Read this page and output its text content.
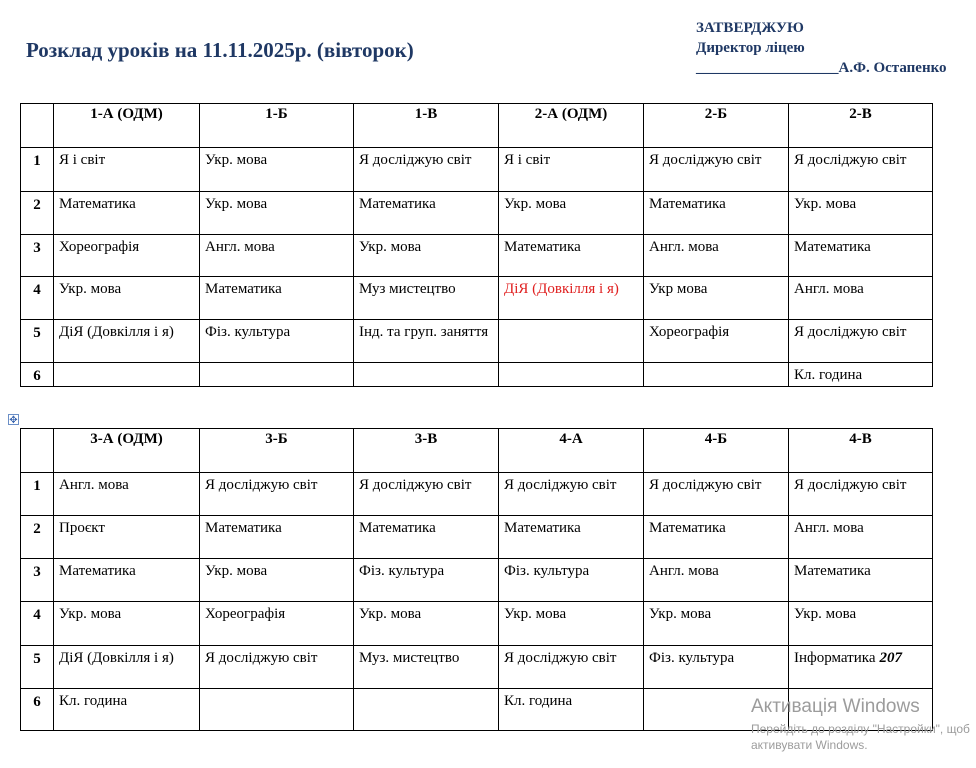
Розклад уроків на 11.11.2025р. (вівторок)
ЗАТВЕРДЖУЮ
Директор ліцею
___________________А.Ф. Остапенко
	1-А (ОДМ)	1-Б	1-В	2-А (ОДМ)	2-Б	2-В
1	Я і світ	Укр. мова	Я досліджую світ	Я і світ	Я досліджую світ	Я досліджую світ
2	Математика	Укр. мова	Математика	Укр. мова	Математика	Укр. мова
3	Хореографія	Англ. мова	Укр. мова	Математика	Англ. мова	Математика
4	Укр. мова	Математика	Муз мистецтво	ДіЯ (Довкілля і я)	Укр мова	Англ. мова
5	ДіЯ (Довкілля і я)	Фіз. культура	Інд. та груп. заняття		Хореографія	Я досліджую світ
6						Кл. година
✥
	3-А (ОДМ)	3-Б	3-В	4-А	4-Б	4-В
1	Англ. мова	Я досліджую світ	Я досліджую світ	Я досліджую світ	Я досліджую світ	Я досліджую світ
2	Проєкт	Математика	Математика	Математика	Математика	Англ. мова
3	Математика	Укр. мова	Фіз. культура	Фіз. культура	Англ. мова	Математика
4	Укр. мова	Хореографія	Укр. мова	Укр. мова	Укр. мова	Укр. мова
5	ДіЯ (Довкілля і я)	Я досліджую світ	Муз. мистецтво	Я досліджую світ	Фіз. культура	Інформатика 207
6	Кл. година			Кл. година			Активація Windows
Перейдіть до розділу "Настройки", щоб
активувати Windows.
